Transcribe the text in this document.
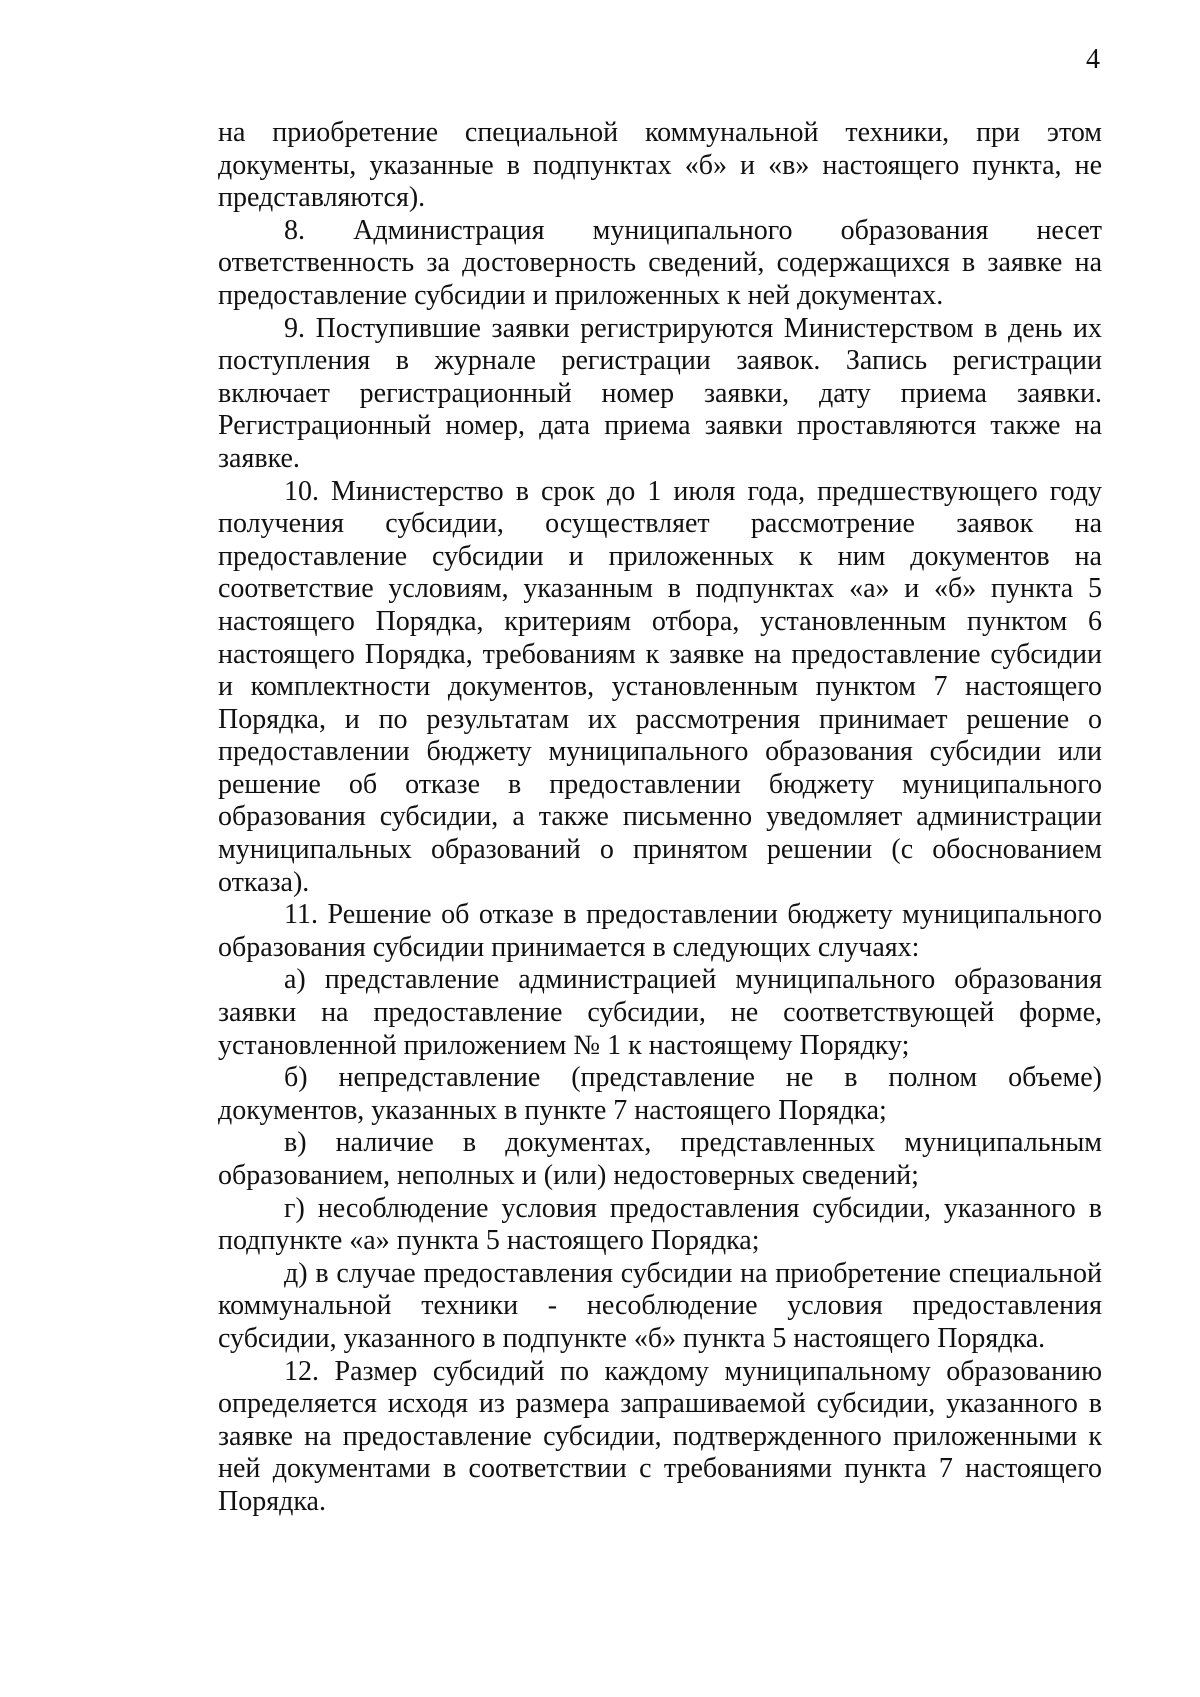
4

на приобретение специальной коммунальной техники, при этом документы, указанные в подпунктах «б» и «в» настоящего пункта, не представляются).

8. Администрация муниципального образования несет ответственность за достоверность сведений, содержащихся в заявке на предоставление субсидии и приложенных к ней документах.

9. Поступившие заявки регистрируются Министерством в день их поступления в журнале регистрации заявок. Запись регистрации включает регистрационный номер заявки, дату приема заявки. Регистрационный номер, дата приема заявки проставляются также на заявке.

10. Министерство в срок до 1 июля года, предшествующего году получения субсидии, осуществляет рассмотрение заявок на предоставление субсидии и приложенных к ним документов на соответствие условиям, указанным в подпунктах «а» и «б» пункта 5 настоящего Порядка, критериям отбора, установленным пунктом 6 настоящего Порядка, требованиям к заявке на предоставление субсидии и комплектности документов, установленным пунктом 7 настоящего Порядка, и по результатам их рассмотрения принимает решение о предоставлении бюджету муниципального образования субсидии или решение об отказе в предоставлении бюджету муниципального образования субсидии, а также письменно уведомляет администрации муниципальных образований о принятом решении (с обоснованием отказа).

11. Решение об отказе в предоставлении бюджету муниципального образования субсидии принимается в следующих случаях:

а) представление администрацией муниципального образования заявки на предоставление субсидии, не соответствующей форме, установленной приложением № 1 к настоящему Порядку;

б) непредставление (представление не в полном объеме) документов, указанных в пункте 7 настоящего Порядка;

в) наличие в документах, представленных муниципальным образованием, неполных и (или) недостоверных сведений;

г) несоблюдение условия предоставления субсидии, указанного в подпункте «а» пункта 5 настоящего Порядка;

д) в случае предоставления субсидии на приобретение специальной коммунальной техники - несоблюдение условия предоставления субсидии, указанного в подпункте «б» пункта 5 настоящего Порядка.

12. Размер субсидий по каждому муниципальному образованию определяется исходя из размера запрашиваемой субсидии, указанного в заявке на предоставление субсидии, подтвержденного приложенными к ней документами в соответствии с требованиями пункта 7 настоящего Порядка.
